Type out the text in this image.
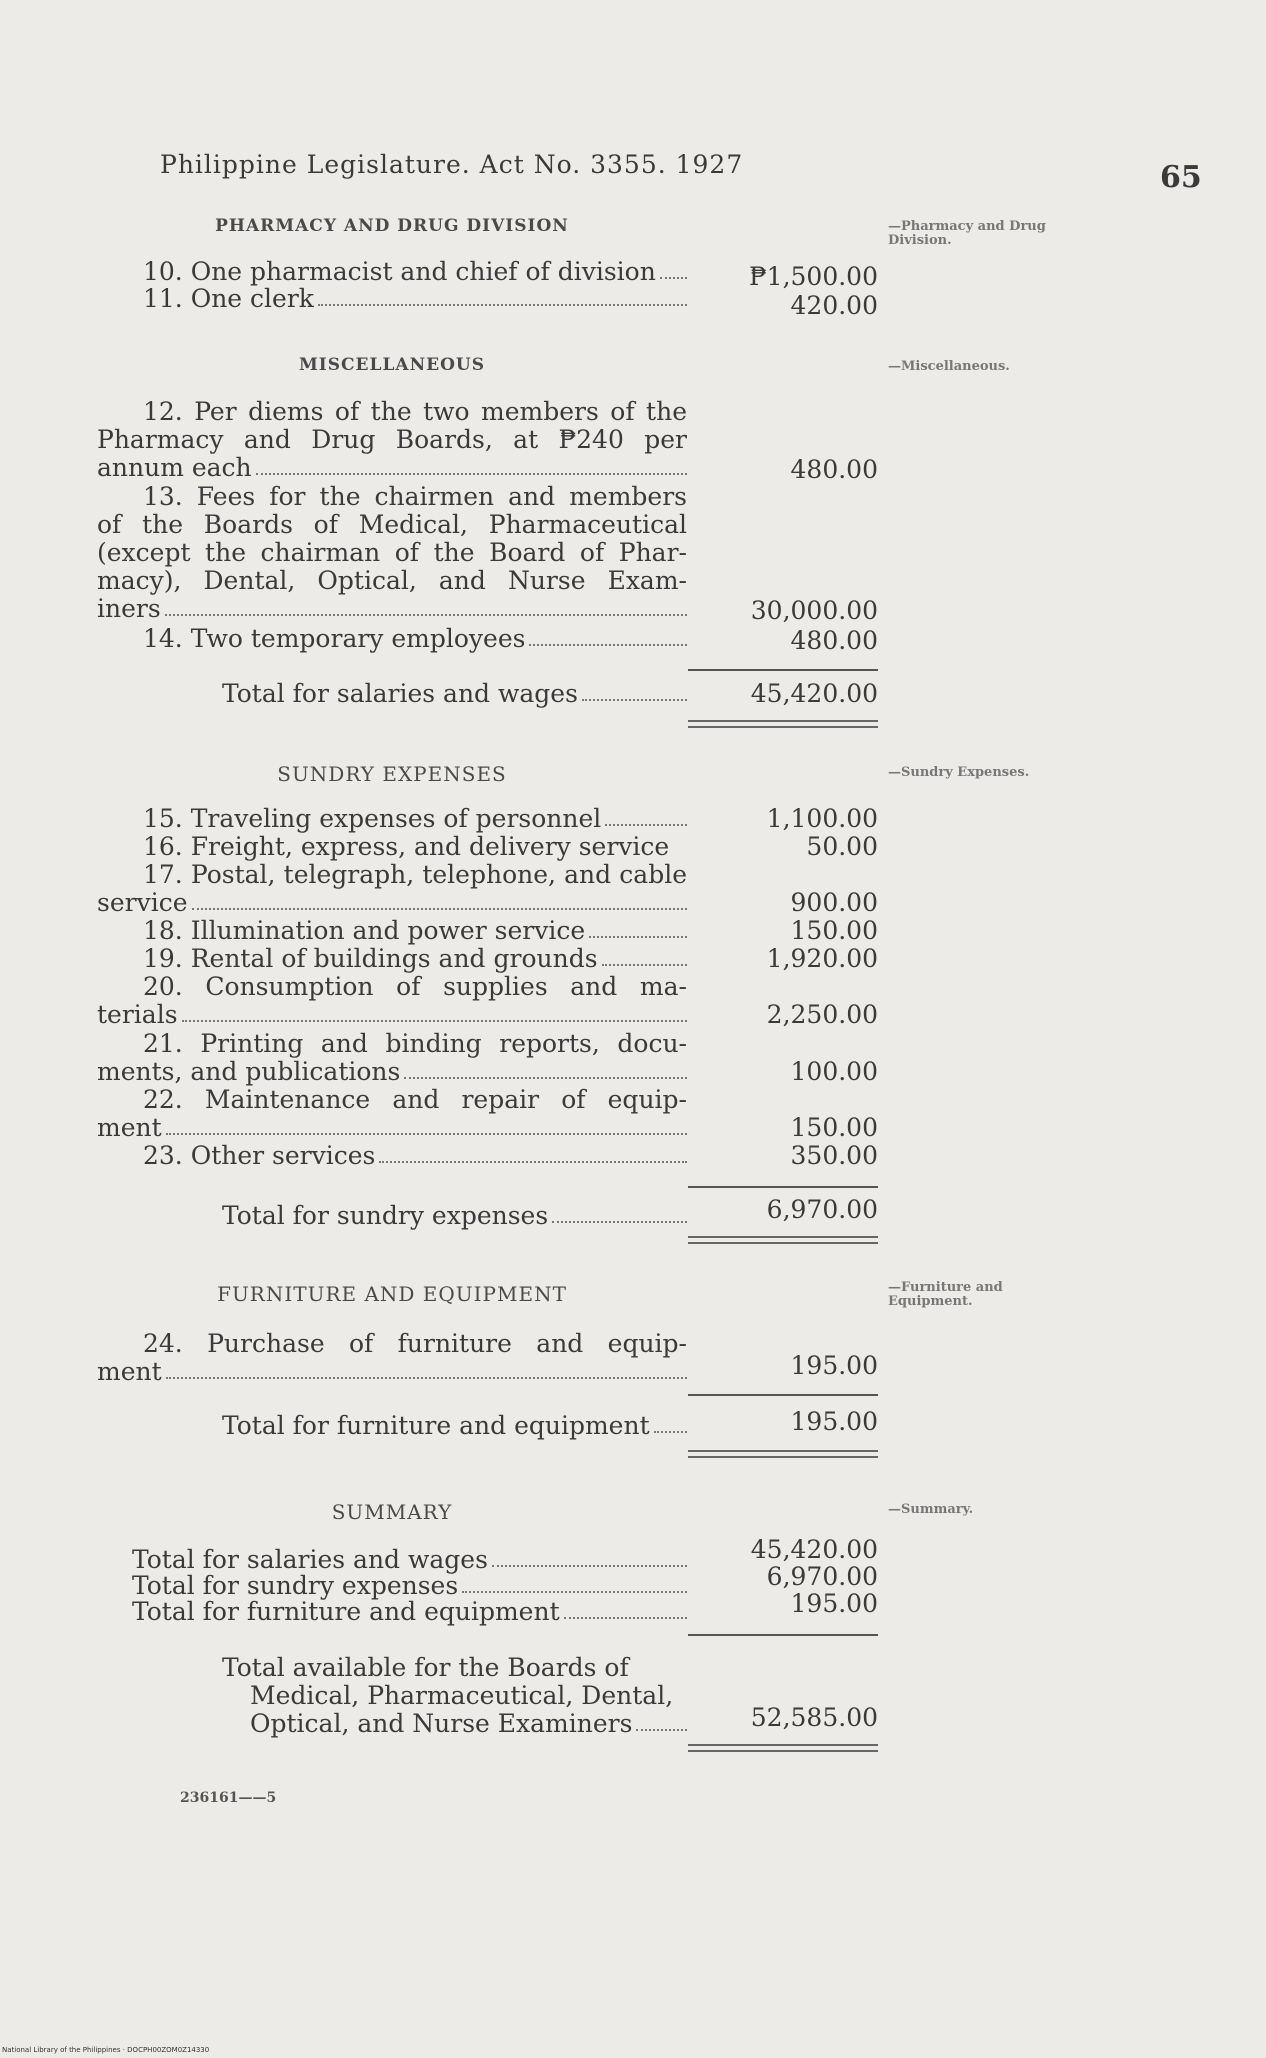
Philippine Legislature. Act No. 3355. 1927	65
PHARMACY AND DRUG DIVISION	—Pharmacy and Drug Division.
10. One pharmacist and chief of division	₱1,500.00
11. One clerk	420.00
MISCELLANEOUS	—Miscellaneous.
12. Per diems of the two members of the
Pharmacy and Drug Boards, at ₱240 per
annum each	480.00
13. Fees for the chairmen and members
of the Boards of Medical, Pharmaceutical
(except the chairman of the Board of Phar-
macy), Dental, Optical, and Nurse Exam-
iners	30,000.00
14. Two temporary employees	480.00
Total for salaries and wages	45,420.00
SUNDRY EXPENSES	—Sundry Expenses.
15. Traveling expenses of personnel	1,100.00
16. Freight, express, and delivery service	50.00
17. Postal, telegraph, telephone, and cable
service	900.00
18. Illumination and power service	150.00
19. Rental of buildings and grounds	1,920.00
20. Consumption of supplies and ma-
terials	2,250.00
21. Printing and binding reports, docu-
ments, and publications	100.00
22. Maintenance and repair of equip-
ment	150.00
23. Other services	350.00
Total for sundry expenses	6,970.00
FURNITURE AND EQUIPMENT	—Furniture and Equipment.
24. Purchase of furniture and equip-
ment	195.00
Total for furniture and equipment	195.00
SUMMARY	—Summary.
Total for salaries and wages	45,420.00
Total for sundry expenses	6,970.00
Total for furniture and equipment	195.00
Total available for the Boards of
Medical, Pharmaceutical, Dental,
Optical, and Nurse Examiners	52,585.00
236161——5
National Library of the Philippines · DOCPH00ZOM0Z14330
